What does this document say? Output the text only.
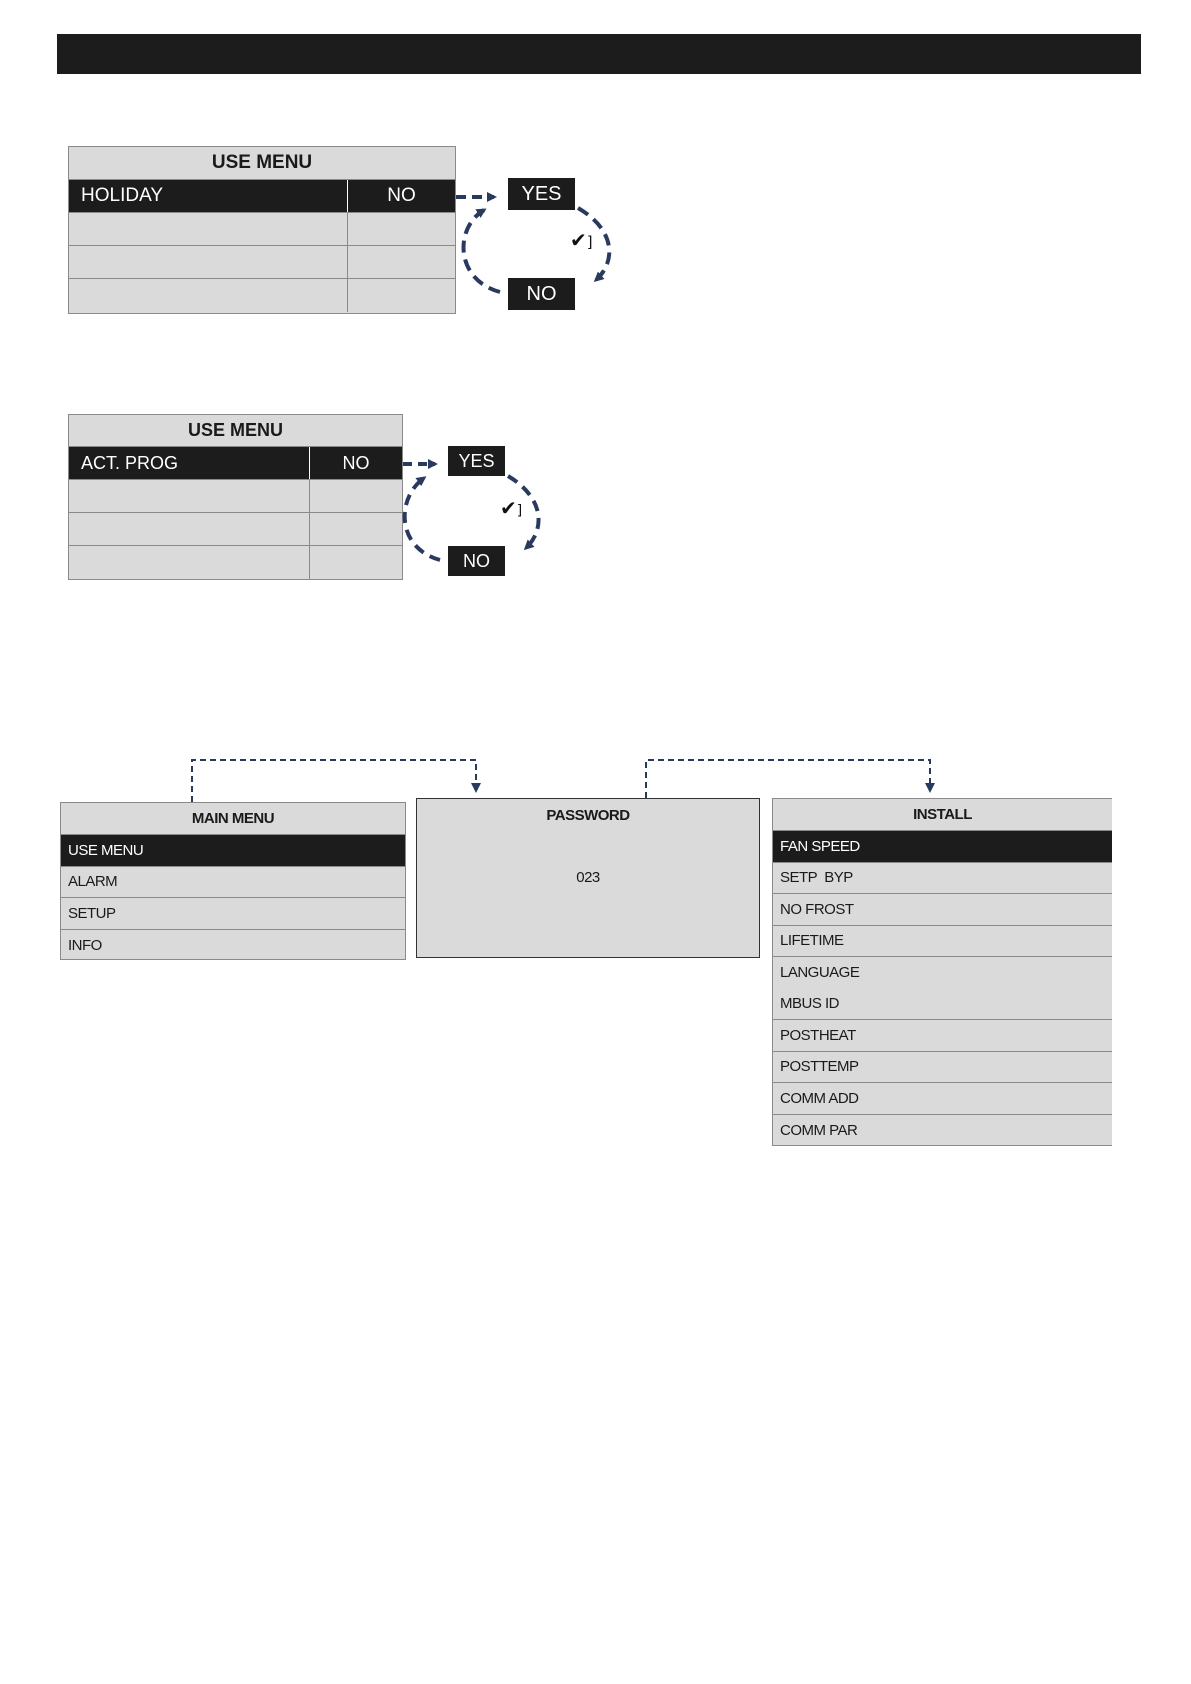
USE MENU
HOLIDAY	NO	YES
NO
✔]
USE MENU
ACT. PROG	NO	YES
NO
✔]
MAIN MENU
USE MENU
ALARM
SETUP
INFO
PASSWORD
023
INSTALL
FAN SPEED
SETP  BYP
NO FROST
LIFETIME
LANGUAGE
MBUS ID
POSTHEAT
POSTTEMP
COMM ADD
COMM PAR
